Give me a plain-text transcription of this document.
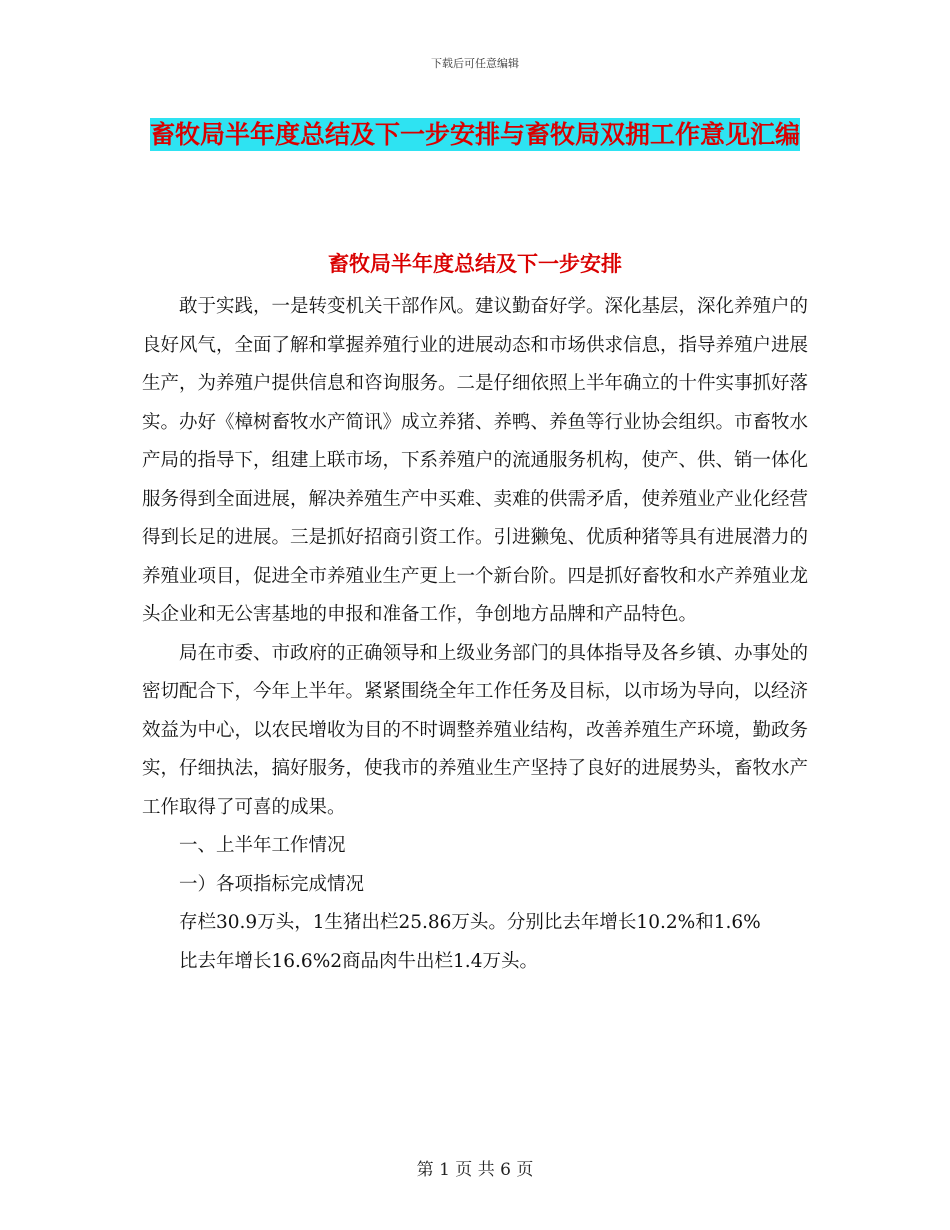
下载后可任意编辑
畜牧局半年度总结及下一步安排与畜牧局双拥工作意见汇编
畜牧局半年度总结及下一步安排

敢于实践，一是转变机关干部作风。建议勤奋好学。深化基层，深化养殖户的良好风气，全面了解和掌握养殖行业的进展动态和市场供求信息，指导养殖户进展生产，为养殖户提供信息和咨询服务。二是仔细依照上半年确立的十件实事抓好落实。办好《樟树畜牧水产简讯》成立养猪、养鸭、养鱼等行业协会组织。市畜牧水产局的指导下，组建上联市场，下系养殖户的流通服务机构，使产、供、销一体化服务得到全面进展，解决养殖生产中买难、卖难的供需矛盾，使养殖业产业化经营得到长足的进展。三是抓好招商引资工作。引进獭兔、优质种猪等具有进展潜力的养殖业项目，促进全市养殖业生产更上一个新台阶。四是抓好畜牧和水产养殖业龙头企业和无公害基地的申报和准备工作，争创地方品牌和产品特色。

局在市委、市政府的正确领导和上级业务部门的具体指导及各乡镇、办事处的密切配合下，今年上半年。紧紧围绕全年工作任务及目标，以市场为导向，以经济效益为中心，以农民增收为目的不时调整养殖业结构，改善养殖生产环境，勤政务实，仔细执法，搞好服务，使我市的养殖业生产坚持了良好的进展势头，畜牧水产工作取得了可喜的成果。

一、上半年工作情况

一）各项指标完成情况

存栏30.9万头，1生猪出栏25.86万头。分别比去年增长10.2%和1.6%

比去年增长16.6%2商品肉牛出栏1.4万头。

第 1 页 共 6 页
